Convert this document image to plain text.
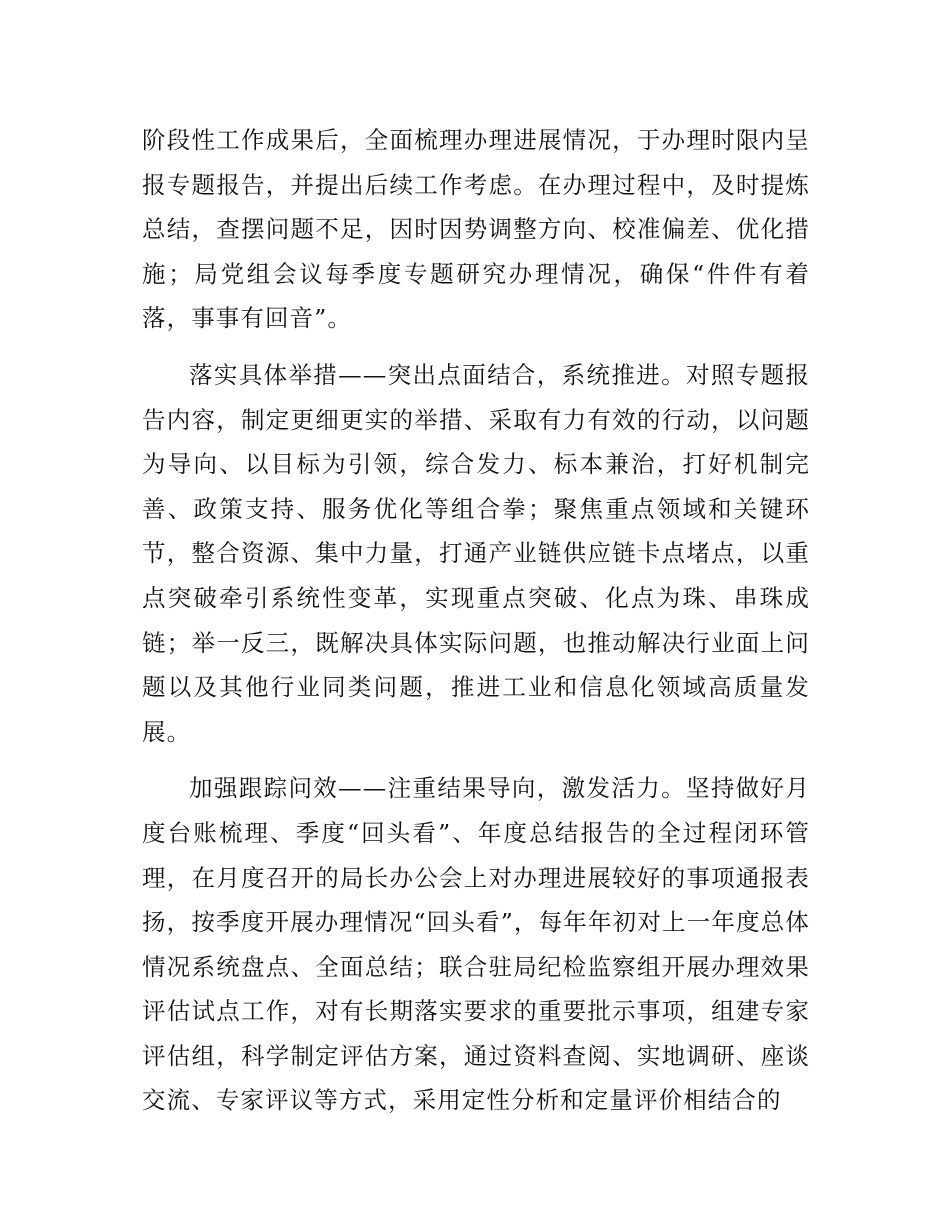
阶段性工作成果后，全面梳理办理进展情况，于办理时限内呈报专题报告，并提出后续工作考虑。在办理过程中，及时提炼总结，查摆问题不足，因时因势调整方向、校准偏差、优化措施；局党组会议每季度专题研究办理情况，确保“件件有着落，事事有回音”。

落实具体举措——突出点面结合，系统推进。对照专题报告内容，制定更细更实的举措、采取有力有效的行动，以问题为导向、以目标为引领，综合发力、标本兼治，打好机制完善、政策支持、服务优化等组合拳；聚焦重点领域和关键环节，整合资源、集中力量，打通产业链供应链卡点堵点，以重点突破牵引系统性变革，实现重点突破、化点为珠、串珠成链；举一反三，既解决具体实际问题，也推动解决行业面上问题以及其他行业同类问题，推进工业和信息化领域高质量发展。

加强跟踪问效——注重结果导向，激发活力。坚持做好月度台账梳理、季度“回头看”、年度总结报告的全过程闭环管理，在月度召开的局长办公会上对办理进展较好的事项通报表扬，按季度开展办理情况“回头看”，每年年初对上一年度总体情况系统盘点、全面总结；联合驻局纪检监察组开展办理效果评估试点工作，对有长期落实要求的重要批示事项，组建专家评估组，科学制定评估方案，通过资料查阅、实地调研、座谈交流、专家评议等方式，采用定性分析和定量评价相结合的
